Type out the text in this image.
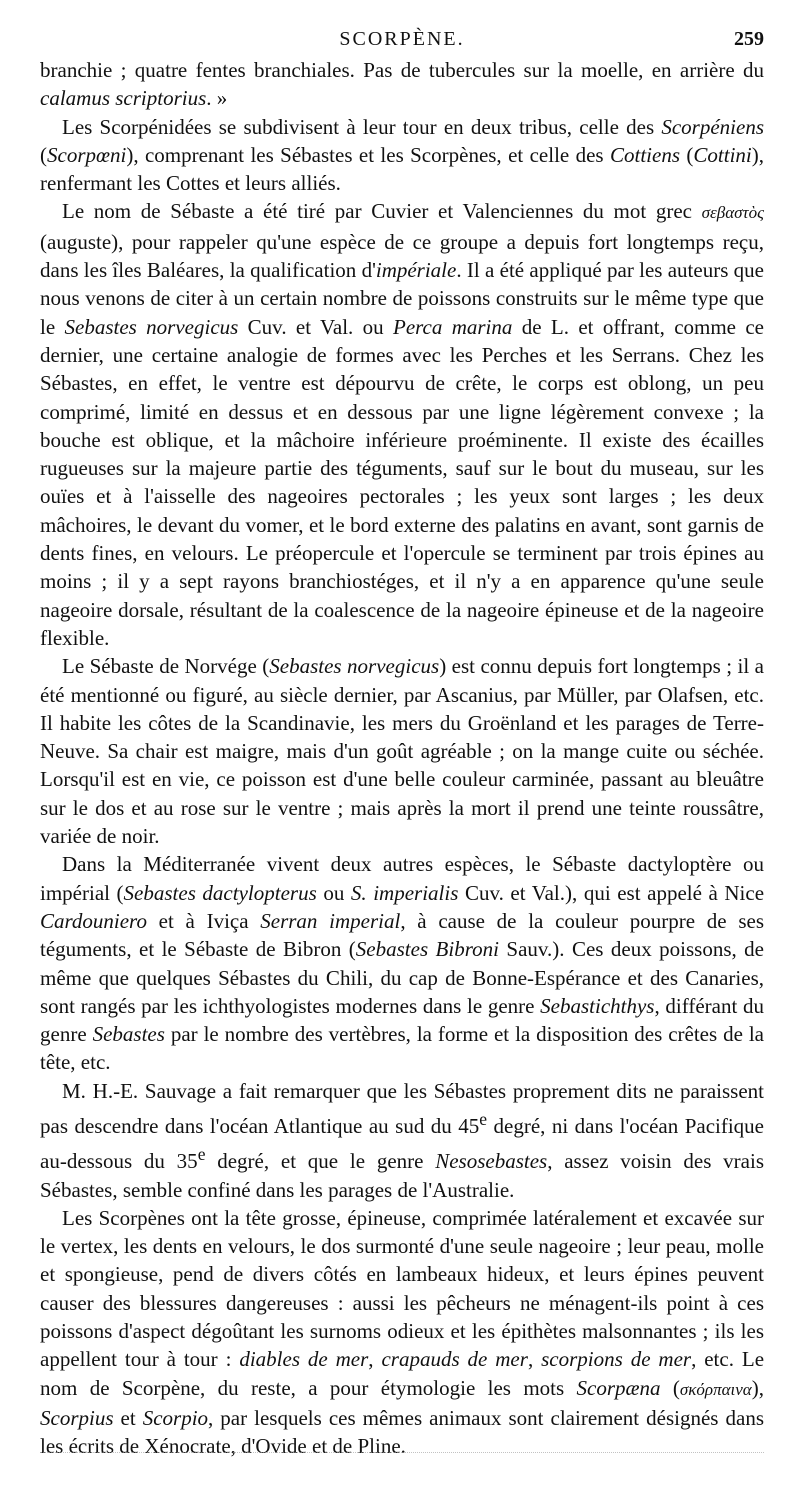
SCORPÈNE.	259

branchie ; quatre fentes branchiales. Pas de tubercules sur la moelle, en arrière du calamus scriptorius. »

Les Scorpénidées se subdivisent à leur tour en deux tribus, celle des Scorpéniens (Scorpœni), comprenant les Sébastes et les Scorpènes, et celle des Cottiens (Cottini), renfermant les Cottes et leurs alliés.

Le nom de Sébaste a été tiré par Cuvier et Valenciennes du mot grec σεβαστὸς (auguste), pour rappeler qu'une espèce de ce groupe a depuis fort longtemps reçu, dans les îles Baléares, la qualification d'impériale. Il a été appliqué par les auteurs que nous venons de citer à un certain nombre de poissons construits sur le même type que le Sebastes norvegicus Cuv. et Val. ou Perca marina de L. et offrant, comme ce dernier, une certaine analogie de formes avec les Perches et les Serrans. Chez les Sébastes, en effet, le ventre est dépourvu de crête, le corps est oblong, un peu comprimé, limité en dessus et en dessous par une ligne légèrement convexe ; la bouche est oblique, et la mâchoire inférieure proéminente. Il existe des écailles rugueuses sur la majeure partie des téguments, sauf sur le bout du museau, sur les ouïes et à l'aisselle des nageoires pectorales ; les yeux sont larges ; les deux mâchoires, le devant du vomer, et le bord externe des palatins en avant, sont garnis de dents fines, en velours. Le préopercule et l'opercule se terminent par trois épines au moins ; il y a sept rayons branchiostéges, et il n'y a en apparence qu'une seule nageoire dorsale, résultant de la coalescence de la nageoire épineuse et de la nageoire flexible.

Le Sébaste de Norvége (Sebastes norvegicus) est connu depuis fort longtemps ; il a été mentionné ou figuré, au siècle dernier, par Ascanius, par Müller, par Olafsen, etc. Il habite les côtes de la Scandinavie, les mers du Groënland et les parages de Terre-Neuve. Sa chair est maigre, mais d'un goût agréable ; on la mange cuite ou séchée. Lorsqu'il est en vie, ce poisson est d'une belle couleur carminée, passant au bleuâtre sur le dos et au rose sur le ventre ; mais après la mort il prend une teinte roussâtre, variée de noir.

Dans la Méditerranée vivent deux autres espèces, le Sébaste dactyloptère ou impérial (Sebastes dactylopterus ou S. imperialis Cuv. et Val.), qui est appelé à Nice Cardouniero et à Iviça Serran imperial, à cause de la couleur pourpre de ses téguments, et le Sébaste de Bibron (Sebastes Bibroni Sauv.). Ces deux poissons, de même que quelques Sébastes du Chili, du cap de Bonne-Espérance et des Canaries, sont rangés par les ichthyologistes modernes dans le genre Sebastichthys, différant du genre Sebastes par le nombre des vertèbres, la forme et la disposition des crêtes de la tête, etc.

M. H.-E. Sauvage a fait remarquer que les Sébastes proprement dits ne paraissent pas descendre dans l'océan Atlantique au sud du 45e degré, ni dans l'océan Pacifique au-dessous du 35e degré, et que le genre Nesosebastes, assez voisin des vrais Sébastes, semble confiné dans les parages de l'Australie.

Les Scorpènes ont la tête grosse, épineuse, comprimée latéralement et excavée sur le vertex, les dents en velours, le dos surmonté d'une seule nageoire ; leur peau, molle et spongieuse, pend de divers côtés en lambeaux hideux, et leurs épines peuvent causer des blessures dangereuses : aussi les pêcheurs ne ménagent-ils point à ces poissons d'aspect dégoûtant les surnoms odieux et les épithètes malsonnantes ; ils les appellent tour à tour : diables de mer, crapauds de mer, scorpions de mer, etc. Le nom de Scorpène, du reste, a pour étymologie les mots Scorpæna (σκόρπαινα), Scorpius et Scorpio, par lesquels ces mêmes animaux sont clairement désignés dans les écrits de Xénocrate, d'Ovide et de Pline.
